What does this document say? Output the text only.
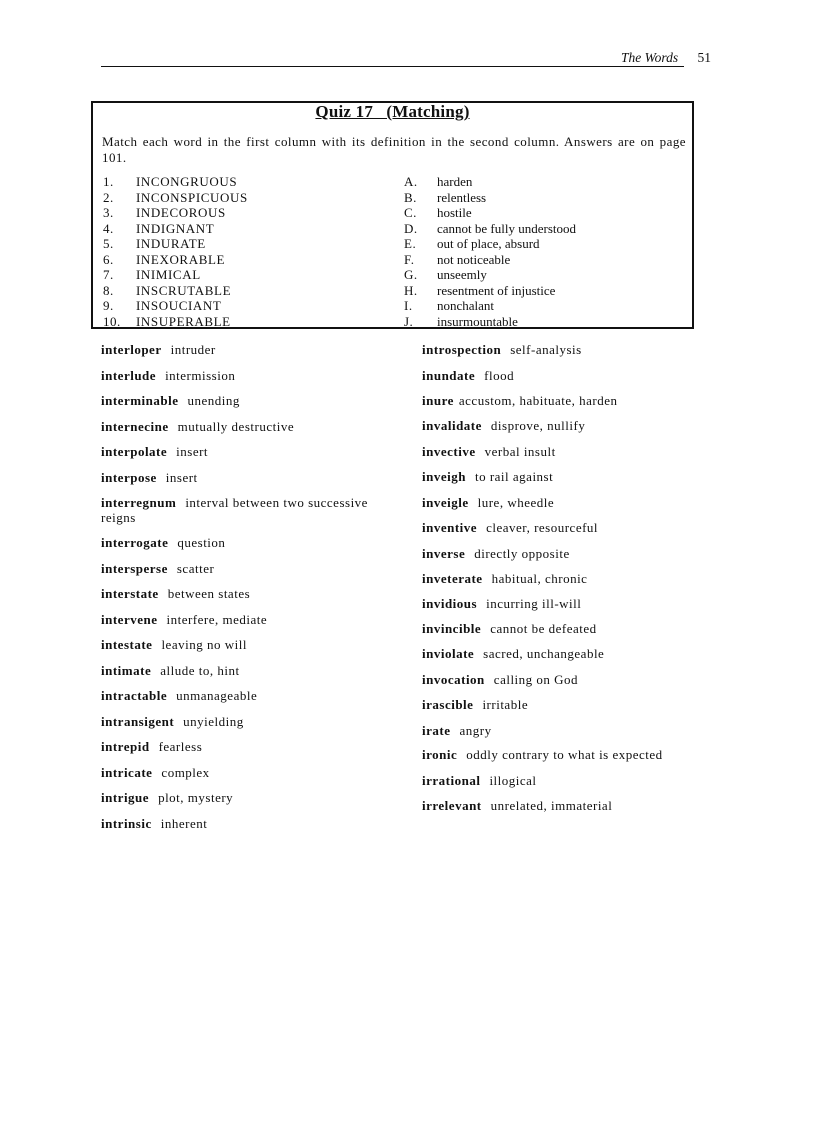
The Words 51
Quiz 17   (Matching)
Match each word in the first column with its definition in the second column. Answers are on page 101.
1.	INCONGRUOUS
2.	INCONSPICUOUS
3.	INDECOROUS
4.	INDIGNANT
5.	INDURATE
6.	INEXORABLE
7.	INIMICAL
8.	INSCRUTABLE
9.	INSOUCIANT
10.	INSUPERABLE
A.	harden
B.	relentless
C.	hostile
D.	cannot be fully understood
E.	out of place, absurd
F.	not noticeable
G.	unseemly
H.	resentment of injustice
I.	nonchalant
J.	insurmountable
interloper intruder
interlude intermission
interminable unending
internecine mutually destructive
interpolate insert
interpose insert
interregnum interval between two successive reigns
interrogate question
intersperse scatter
interstate between states
intervene interfere, mediate
intestate leaving no will
intimate allude to, hint
intractable unmanageable
intransigent unyielding
intrepid fearless
intricate complex
intrigue plot, mystery
intrinsic inherent
introspection self-analysis
inundate flood
inure accustom, habituate, harden
invalidate disprove, nullify
invective verbal insult
inveigh to rail against
inveigle lure, wheedle
inventive cleaver, resourceful
inverse directly opposite
inveterate habitual, chronic
invidious incurring ill-will
invincible cannot be defeated
inviolate sacred, unchangeable
invocation calling on God
irascible irritable
irate angry
ironic oddly contrary to what is expected
irrational illogical
irrelevant unrelated, immaterial
